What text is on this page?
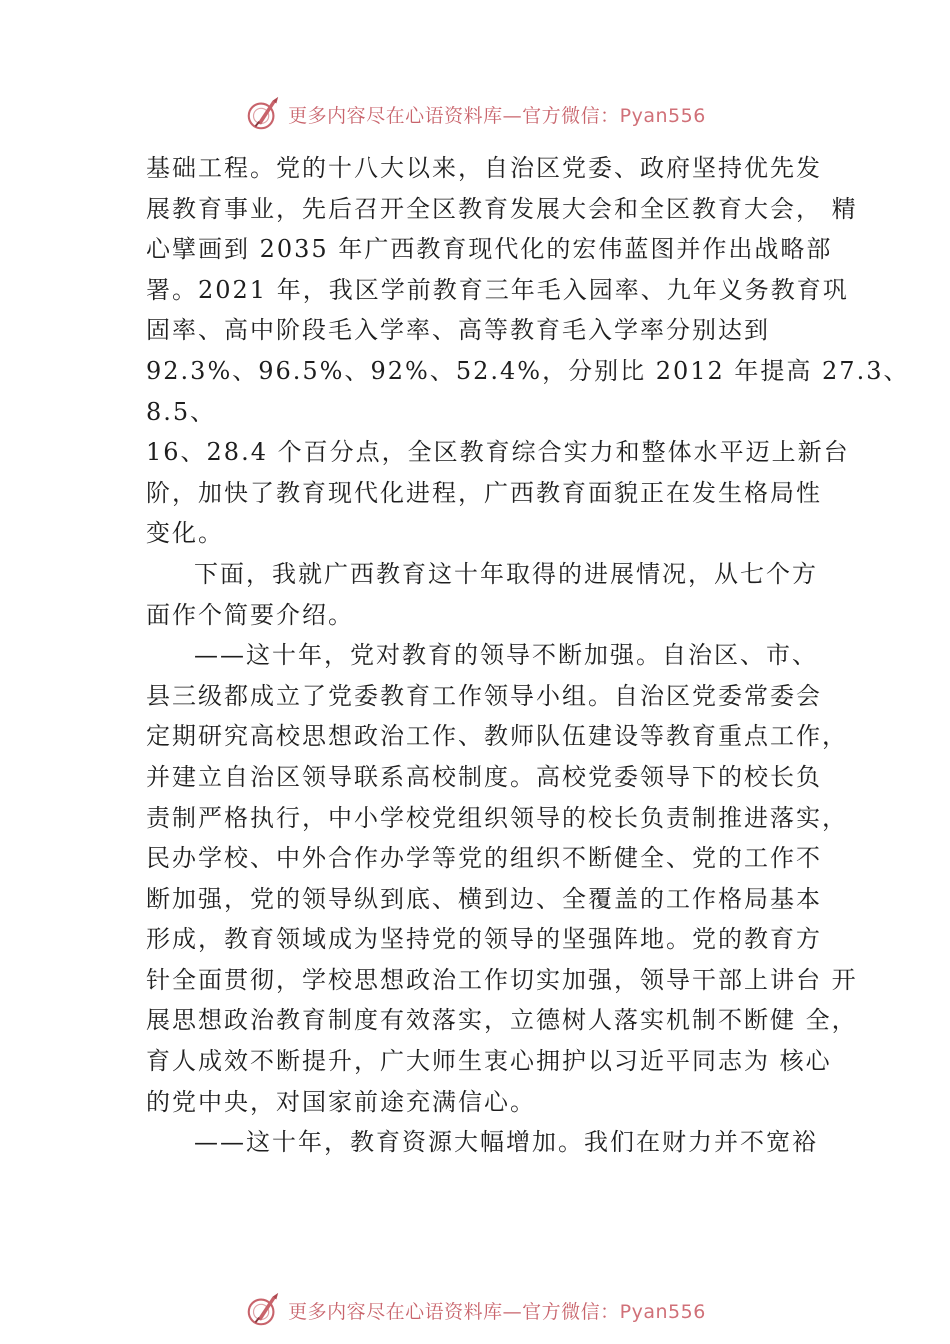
更多内容尽在心语资料库—官方微信：Pyan556
基础工程。党的十八大以来，自治区党委、政府坚持优先发
展教育事业，先后召开全区教育发展大会和全区教育大会， 精
心擘画到 2035 年广西教育现代化的宏伟蓝图并作出战略部
署。2021 年，我区学前教育三年毛入园率、九年义务教育巩
固率、高中阶段毛入学率、高等教育毛入学率分别达到
92.3%、96.5%、92%、52.4%，分别比 2012 年提高 27.3、
8.5、
16、28.4 个百分点，全区教育综合实力和整体水平迈上新台
阶，加快了教育现代化进程，广西教育面貌正在发生格局性
变化。
下面，我就广西教育这十年取得的进展情况，从七个方
面作个简要介绍。
——这十年，党对教育的领导不断加强。自治区、市、
县三级都成立了党委教育工作领导小组。自治区党委常委会
定期研究高校思想政治工作、教师队伍建设等教育重点工作，
并建立自治区领导联系高校制度。高校党委领导下的校长负
责制严格执行，中小学校党组织领导的校长负责制推进落实，
民办学校、中外合作办学等党的组织不断健全、党的工作不
断加强，党的领导纵到底、横到边、全覆盖的工作格局基本
形成，教育领域成为坚持党的领导的坚强阵地。党的教育方
针全面贯彻，学校思想政治工作切实加强，领导干部上讲台 开
展思想政治教育制度有效落实，立德树人落实机制不断健 全，
育人成效不断提升，广大师生衷心拥护以习近平同志为 核心
的党中央，对国家前途充满信心。
——这十年，教育资源大幅增加。我们在财力并不宽裕
更多内容尽在心语资料库—官方微信：Pyan556
